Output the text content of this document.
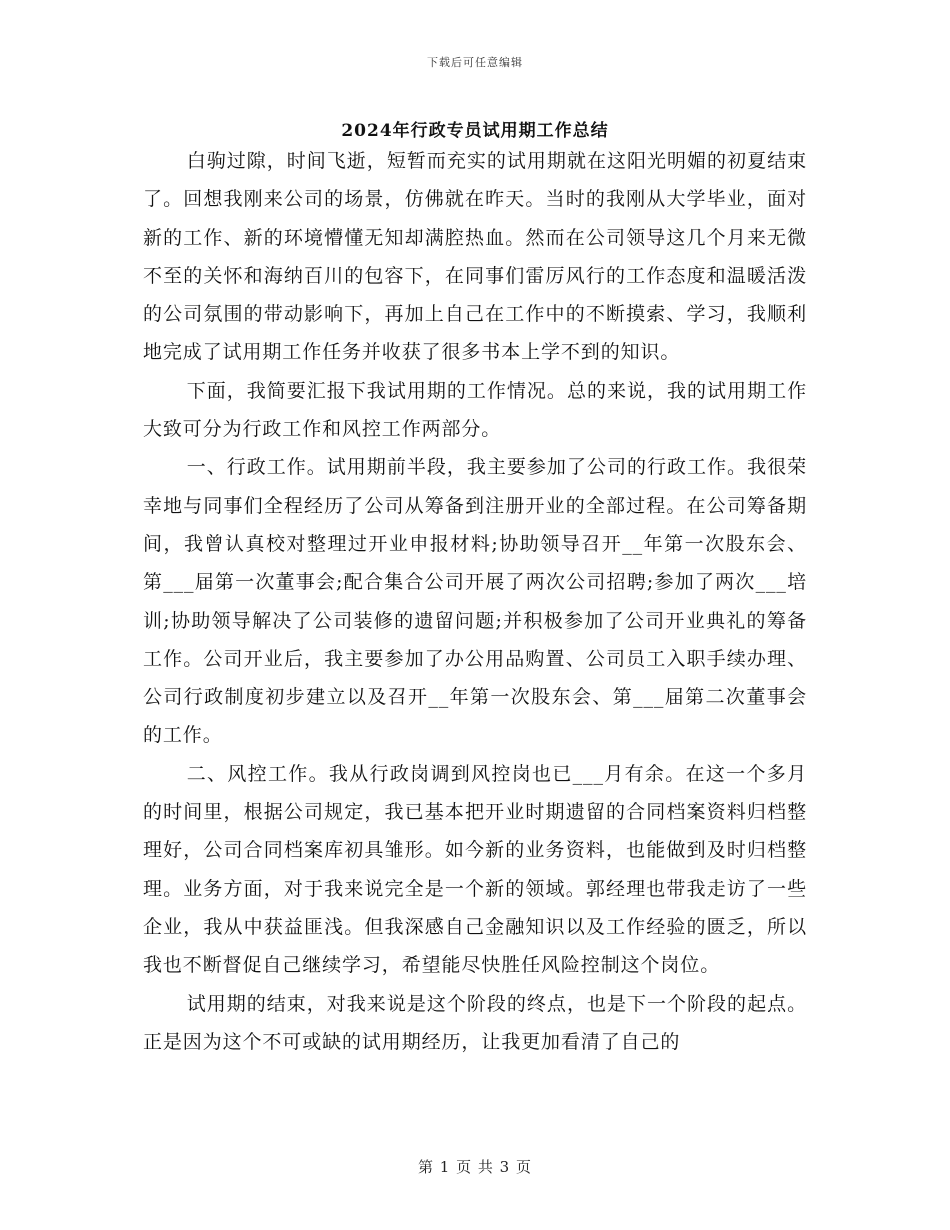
下载后可任意编辑
2024年行政专员试用期工作总结

白驹过隙，时间飞逝，短暂而充实的试用期就在这阳光明媚的初夏结束了。回想我刚来公司的场景，仿佛就在昨天。当时的我刚从大学毕业，面对新的工作、新的环境懵懂无知却满腔热血。然而在公司领导这几个月来无微不至的关怀和海纳百川的包容下，在同事们雷厉风行的工作态度和温暖活泼的公司氛围的带动影响下，再加上自己在工作中的不断摸索、学习，我顺利地完成了试用期工作任务并收获了很多书本上学不到的知识。

下面，我简要汇报下我试用期的工作情况。总的来说，我的试用期工作大致可分为行政工作和风控工作两部分。

一、行政工作。试用期前半段，我主要参加了公司的行政工作。我很荣幸地与同事们全程经历了公司从筹备到注册开业的全部过程。在公司筹备期间，我曾认真校对整理过开业申报材料;协助领导召开__年第一次股东会、第___届第一次董事会;配合集合公司开展了两次公司招聘;参加了两次___培训;协助领导解决了公司装修的遗留问题;并积极参加了公司开业典礼的筹备工作。公司开业后，我主要参加了办公用品购置、公司员工入职手续办理、公司行政制度初步建立以及召开__年第一次股东会、第___届第二次董事会的工作。

二、风控工作。我从行政岗调到风控岗也已___月有余。在这一个多月的时间里，根据公司规定，我已基本把开业时期遗留的合同档案资料归档整理好，公司合同档案库初具雏形。如今新的业务资料，也能做到及时归档整理。业务方面，对于我来说完全是一个新的领域。郭经理也带我走访了一些企业，我从中获益匪浅。但我深感自己金融知识以及工作经验的匮乏，所以我也不断督促自己继续学习，希望能尽快胜任风险控制这个岗位。

试用期的结束，对我来说是这个阶段的终点，也是下一个阶段的起点。正是因为这个不可或缺的试用期经历，让我更加看清了自己的

第 1 页 共 3 页
